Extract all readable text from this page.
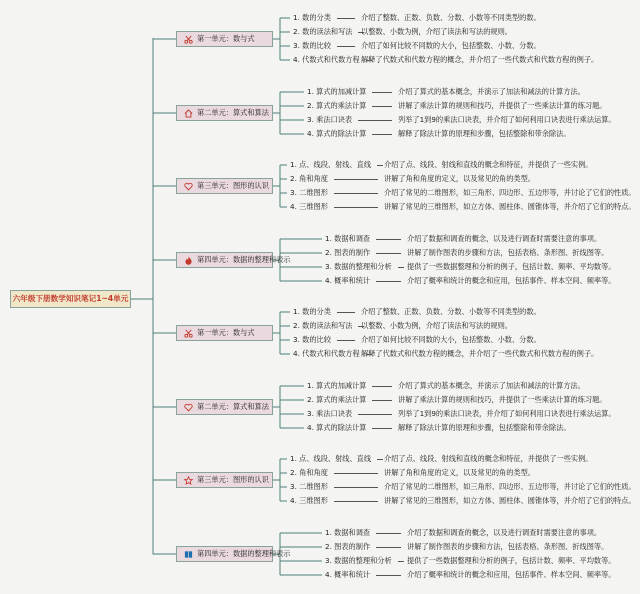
六年级下册数学知识笔记1~4单元
第一单元：数与式
1. 数的分类	介绍了整数、正数、负数、分数、小数等不同类型的数。
2. 数的读法和写法 以整数、小数为例，介绍了读法和写法的规则。
3. 数的比较	介绍了如何比较不同数的大小，包括整数、小数、分数。
4. 代数式和代数方程 解释了代数式和代数方程的概念，并介绍了一些代数式和代数方程的例子。
第二单元：算式和算法
1. 算式的加减计算	介绍了算式的基本概念，并演示了加法和减法的计算方法。
2. 算式的乘法计算	讲解了乘法计算的规则和技巧，并提供了一些乘法计算的练习题。
3. 乘法口诀表	列举了1到9的乘法口诀表，并介绍了如何利用口诀表进行乘法运算。
4. 算式的除法计算	解释了除法计算的原理和步骤，包括整除和带余除法。
第三单元：图形的认识
1. 点、线段、射线、直线 介绍了点、线段、射线和直线的概念和特征，并提供了一些实例。
2. 角和角度	讲解了角和角度的定义，以及常见的角的类型。
3. 二维图形	介绍了常见的二维图形，如三角形、四边形、五边形等，并讨论了它们的性质。
4. 三维图形	讲解了常见的三维图形，如立方体、圆柱体、圆锥体等，并介绍了它们的特点。
第四单元：数据的整理和表示
1. 数据和调查	介绍了数据和调查的概念，以及进行调查时需要注意的事项。
2. 图表的制作	讲解了制作图表的步骤和方法，包括表格、条形图、折线图等。
3. 数据的整理和分析 提供了一些数据整理和分析的例子，包括计数、频率、平均数等。
4. 概率和统计	介绍了概率和统计的概念和应用，包括事件、样本空间、频率等。
第一单元：数与式
1. 数的分类	介绍了整数、正数、负数、分数、小数等不同类型的数。
2. 数的读法和写法 以整数、小数为例，介绍了读法和写法的规则。
3. 数的比较	介绍了如何比较不同数的大小，包括整数、小数、分数。
4. 代数式和代数方程 解释了代数式和代数方程的概念，并介绍了一些代数式和代数方程的例子。
第二单元：算式和算法
1. 算式的加减计算	介绍了算式的基本概念，并演示了加法和减法的计算方法。
2. 算式的乘法计算	讲解了乘法计算的规则和技巧，并提供了一些乘法计算的练习题。
3. 乘法口诀表	列举了1到9的乘法口诀表，并介绍了如何利用口诀表进行乘法运算。
4. 算式的除法计算	解释了除法计算的原理和步骤，包括整除和带余除法。
第三单元：图形的认识
1. 点、线段、射线、直线 介绍了点、线段、射线和直线的概念和特征，并提供了一些实例。
2. 角和角度	讲解了角和角度的定义，以及常见的角的类型。
3. 二维图形	介绍了常见的二维图形，如三角形、四边形、五边形等，并讨论了它们的性质。
4. 三维图形	讲解了常见的三维图形，如立方体、圆柱体、圆锥体等，并介绍了它们的特点。
第四单元：数据的整理和表示
1. 数据和调查	介绍了数据和调查的概念，以及进行调查时需要注意的事项。
2. 图表的制作	讲解了制作图表的步骤和方法，包括表格、条形图、折线图等。
3. 数据的整理和分析 提供了一些数据整理和分析的例子，包括计数、频率、平均数等。
4. 概率和统计	介绍了概率和统计的概念和应用，包括事件、样本空间、频率等。
